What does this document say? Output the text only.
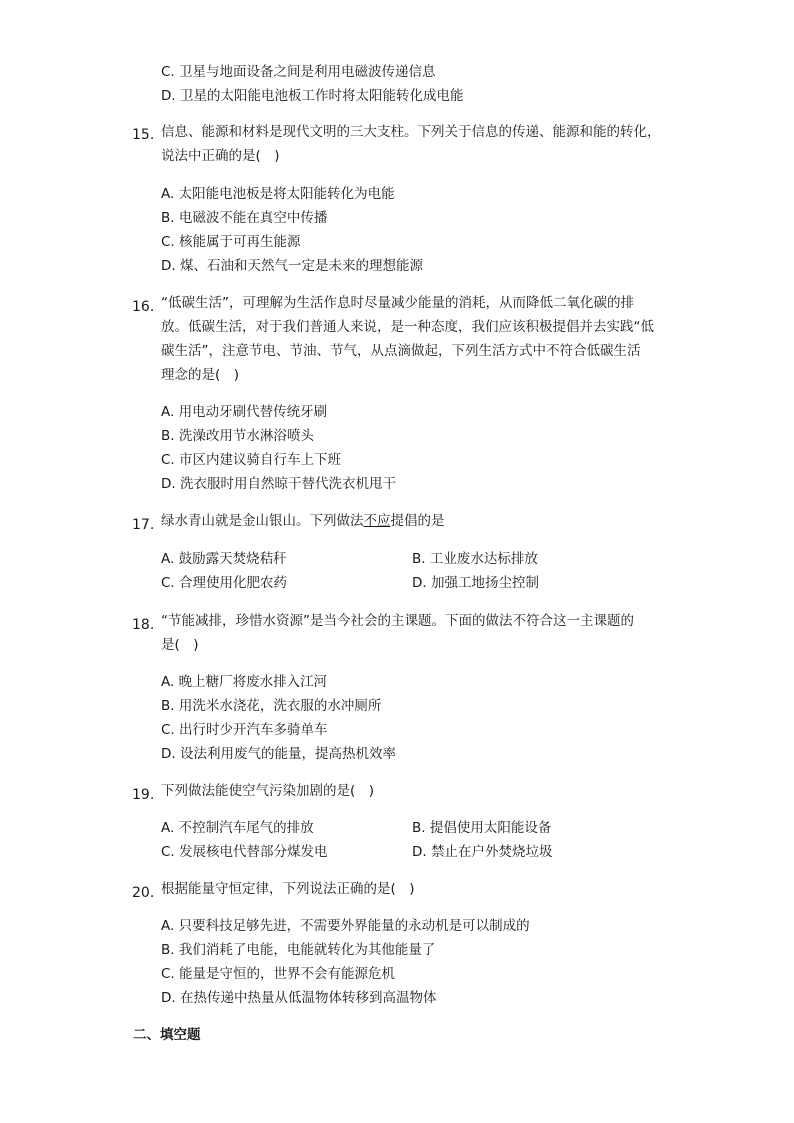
C. 卫星与地面设备之间是利用电磁波传递信息
D. 卫星的太阳能电池板工作时将太阳能转化成电能
15. 信息、能源和材料是现代文明的三大支柱。下列关于信息的传递、能源和能的转化，
说法中正确的是(　)
A. 太阳能电池板是将太阳能转化为电能
B. 电磁波不能在真空中传播
C. 核能属于可再生能源
D. 煤、石油和天然气一定是未来的理想能源
16. “低碳生活”，可理解为生活作息时尽量减少能量的消耗，从而降低二氧化碳的排
放。低碳生活，对于我们普通人来说，是一种态度，我们应该积极提倡并去实践“低
碳生活”，注意节电、节油、节气，从点滴做起，下列生活方式中不符合低碳生活
理念的是(　)
A. 用电动牙刷代替传统牙刷
B. 洗澡改用节水淋浴喷头
C. 市区内建议骑自行车上下班
D. 洗衣服时用自然晾干替代洗衣机甩干
17. 绿水青山就是金山银山。下列做法不应提倡的是
A. 鼓励露天焚烧秸秆	B. 工业废水达标排放
C. 合理使用化肥农药	D. 加强工地扬尘控制
18. “节能减排，珍惜水资源”是当今社会的主课题。下面的做法不符合这一主课题的
是(　)
A. 晚上糖厂将废水排入江河
B. 用洗米水浇花，洗衣服的水冲厕所
C. 出行时少开汽车多骑单车
D. 设法利用废气的能量，提高热机效率
19. 下列做法能使空气污染加剧的是(　)
A. 不控制汽车尾气的排放	B. 提倡使用太阳能设备
C. 发展核电代替部分煤发电	D. 禁止在户外焚烧垃圾
20. 根据能量守恒定律，下列说法正确的是(　)
A. 只要科技足够先进，不需要外界能量的永动机是可以制成的
B. 我们消耗了电能，电能就转化为其他能量了
C. 能量是守恒的，世界不会有能源危机
D. 在热传递中热量从低温物体转移到高温物体
二、填空题
